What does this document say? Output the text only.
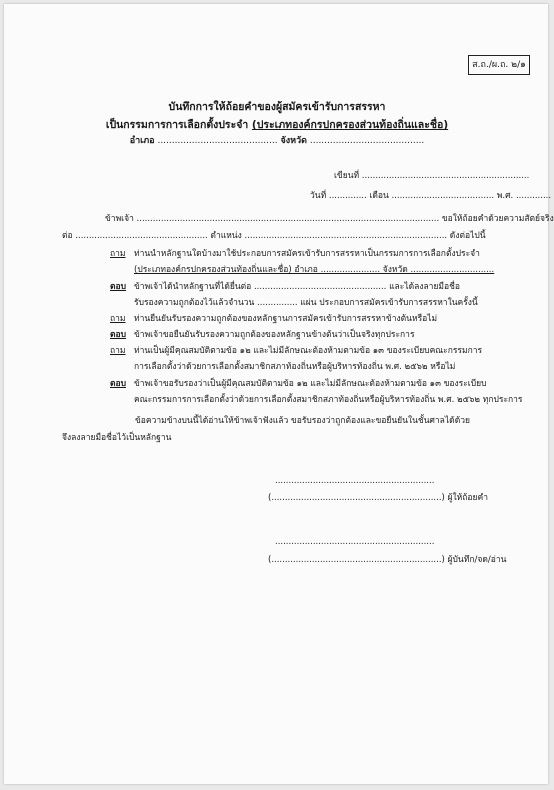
ส.ถ./ผ.ถ. ๒/๑
บันทึกการให้ถ้อยคำของผู้สมัครเข้ารับการสรรหา
เป็นกรรมการการเลือกตั้งประจำ (ประเภทองค์กรปกครองส่วนท้องถิ่นและชื่อ)
อำเภอ .......................................... จังหวัด ........................................
เขียนที่ ..............................................................
วันที่ .............. เดือน ...................................... พ.ศ. .............
ข้าพเจ้า ................................................................................................................ ขอให้ถ้อยคำด้วยความสัตย์จริง
ต่อ ................................................. ตำแหน่ง ........................................................................... ดังต่อไปนี้
ถาม ท่านนำหลักฐานใดบ้างมาใช้ประกอบการสมัครเข้ารับการสรรหาเป็นกรรมการการเลือกตั้งประจำ
(ประเภทองค์กรปกครองส่วนท้องถิ่นและชื่อ) อำเภอ ...................... จังหวัด ...............................
ตอบ ข้าพเจ้าได้นำหลักฐานที่ได้ยื่นต่อ ................................................. และได้ลงลายมือชื่อ
รับรองความถูกต้องไว้แล้วจำนวน ............... แผ่น ประกอบการสมัครเข้ารับการสรรหาในครั้งนี้
ถาม ท่านยืนยันรับรองความถูกต้องของหลักฐานการสมัครเข้ารับการสรรหาข้างต้นหรือไม่
ตอบ ข้าพเจ้าขอยืนยันรับรองความถูกต้องของหลักฐานข้างต้นว่าเป็นจริงทุกประการ
ถาม ท่านเป็นผู้มีคุณสมบัติตามข้อ ๑๒ และไม่มีลักษณะต้องห้ามตามข้อ ๑๓ ของระเบียบคณะกรรมการ
การเลือกตั้งว่าด้วยการเลือกตั้งสมาชิกสภาท้องถิ่นหรือผู้บริหารท้องถิ่น พ.ศ. ๒๕๖๒ หรือไม่
ตอบ ข้าพเจ้าขอรับรองว่าเป็นผู้มีคุณสมบัติตามข้อ ๑๒ และไม่มีลักษณะต้องห้ามตามข้อ ๑๓ ของระเบียบ
คณะกรรมการการเลือกตั้งว่าด้วยการเลือกตั้งสมาชิกสภาท้องถิ่นหรือผู้บริหารท้องถิ่น พ.ศ. ๒๕๖๒ ทุกประการ
ข้อความข้างบนนี้ได้อ่านให้ข้าพเจ้าฟังแล้ว ขอรับรองว่าถูกต้องและขอยืนยันในชั้นศาลได้ด้วย
จึงลงลายมือชื่อไว้เป็นหลักฐาน
...........................................................
(...............................................................) ผู้ให้ถ้อยคำ
...........................................................
(...............................................................) ผู้บันทึก/จด/อ่าน
